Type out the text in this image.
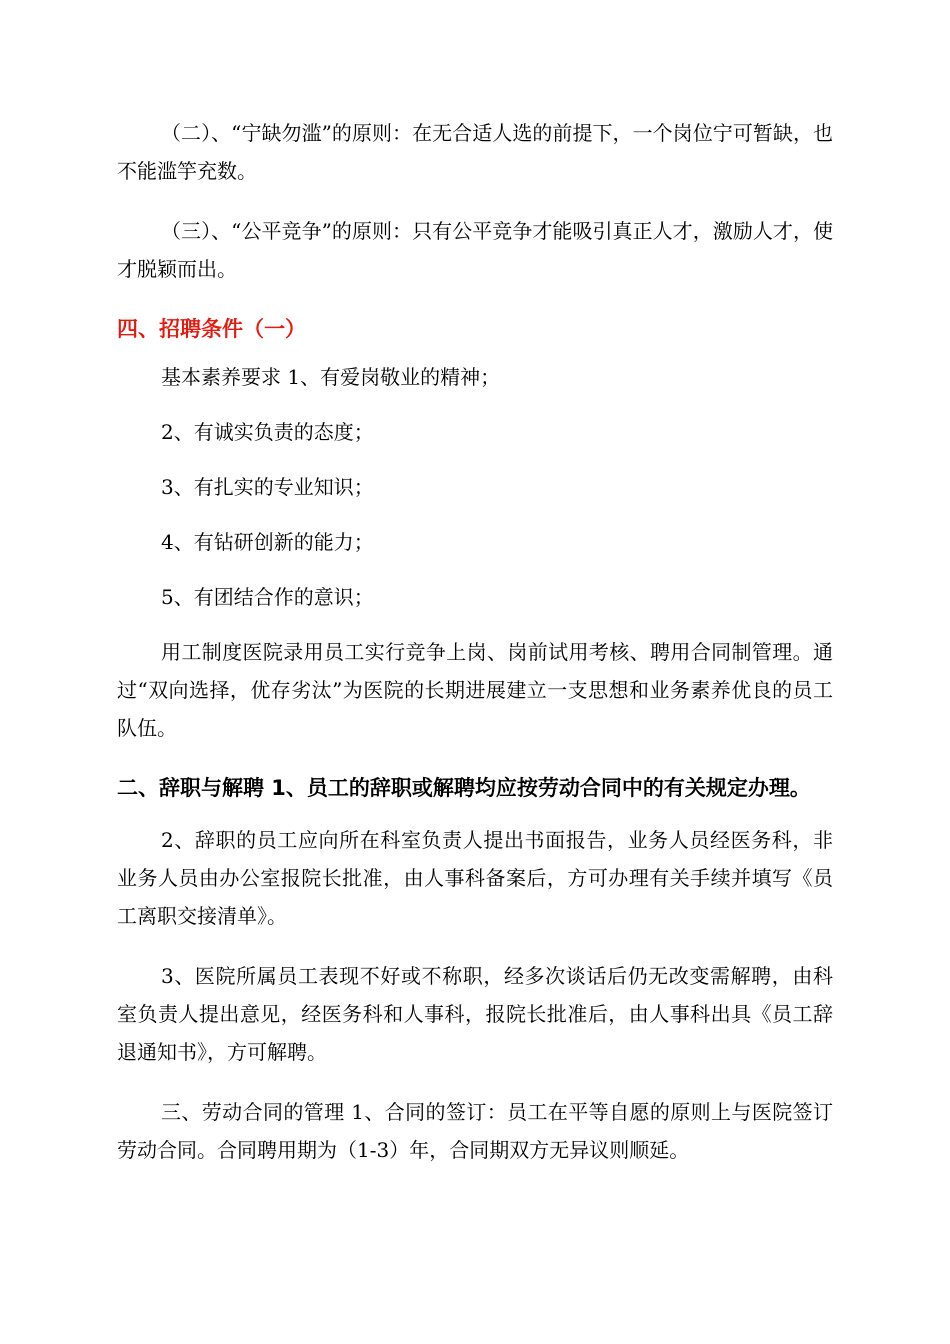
（二）、“宁缺勿滥”的原则：在无合适人选的前提下，一个岗位宁可暂缺，也不能滥竽充数。

（三）、“公平竞争”的原则：只有公平竞争才能吸引真正人才，激励人才，使才脱颖而出。

四、招聘条件（一）

基本素养要求 1、有爱岗敬业的精神；

2、有诚实负责的态度；

3、有扎实的专业知识；

4、有钻研创新的能力；

5、有团结合作的意识；

用工制度医院录用员工实行竞争上岗、岗前试用考核、聘用合同制管理。通过“双向选择，优存劣汰”为医院的长期进展建立一支思想和业务素养优良的员工队伍。

二、辞职与解聘 1、员工的辞职或解聘均应按劳动合同中的有关规定办理。

2、辞职的员工应向所在科室负责人提出书面报告，业务人员经医务科，非业务人员由办公室报院长批准，由人事科备案后，方可办理有关手续并填写《员工离职交接清单》。

3、医院所属员工表现不好或不称职，经多次谈话后仍无改变需解聘，由科室负责人提出意见，经医务科和人事科，报院长批准后，由人事科出具《员工辞退通知书》，方可解聘。

三、劳动合同的管理 1、合同的签订：员工在平等自愿的原则上与医院签订劳动合同。合同聘用期为（1-3）年，合同期双方无异议则顺延。
